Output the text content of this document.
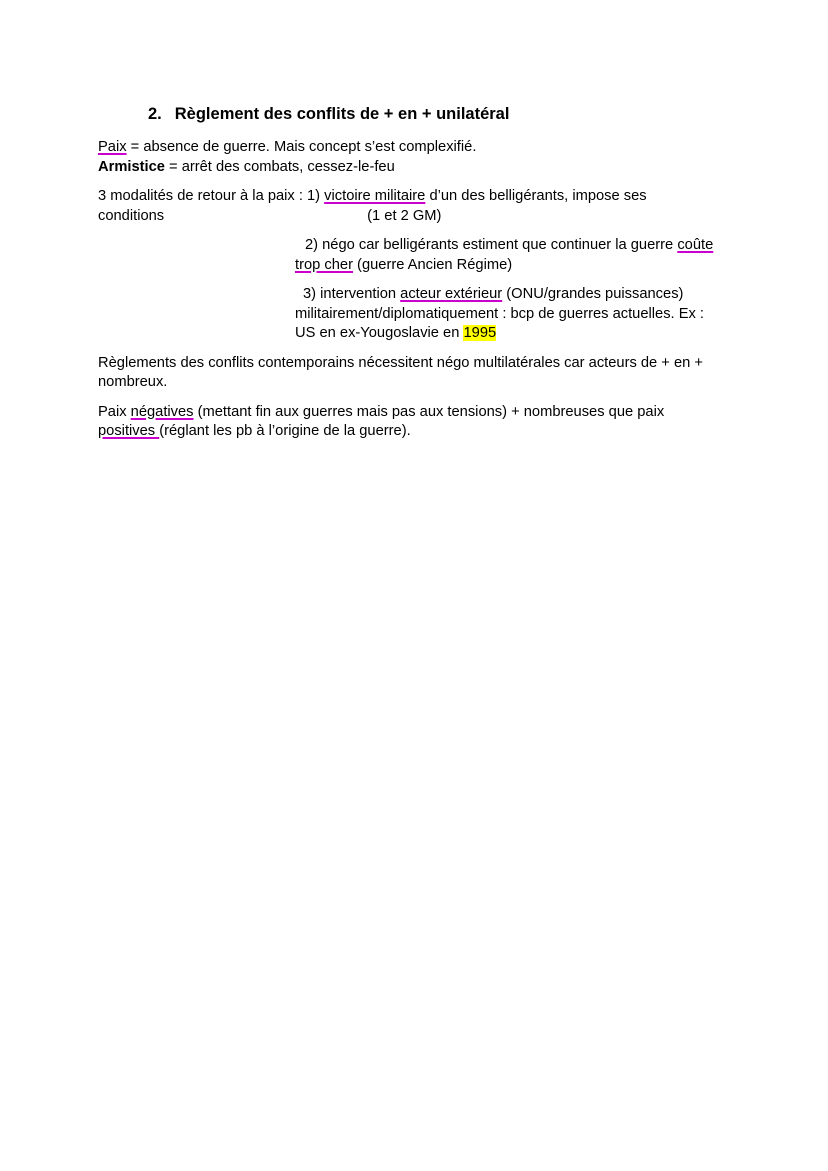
2. Règlement des conflits de + en + unilatéral
Paix = absence de guerre. Mais concept s’est complexifié.
Armistice = arrêt des combats, cessez-le-feu
3 modalités de retour à la paix : 1) victoire militaire d’un des belligérants, impose ses
conditions	(1 et 2 GM)
2) négo car belligérants estiment que continuer la guerre coûte
trop cher (guerre Ancien Régime)
3) intervention acteur extérieur (ONU/grandes puissances)
militairement/diplomatiquement : bcp de guerres actuelles. Ex :
US en ex-Yougoslavie en 1995
Règlements des conflits contemporains nécessitent négo multilatérales car acteurs de + en +
nombreux.
Paix négatives (mettant fin aux guerres mais pas aux tensions) + nombreuses que paix
positives (réglant les pb à l’origine de la guerre).
